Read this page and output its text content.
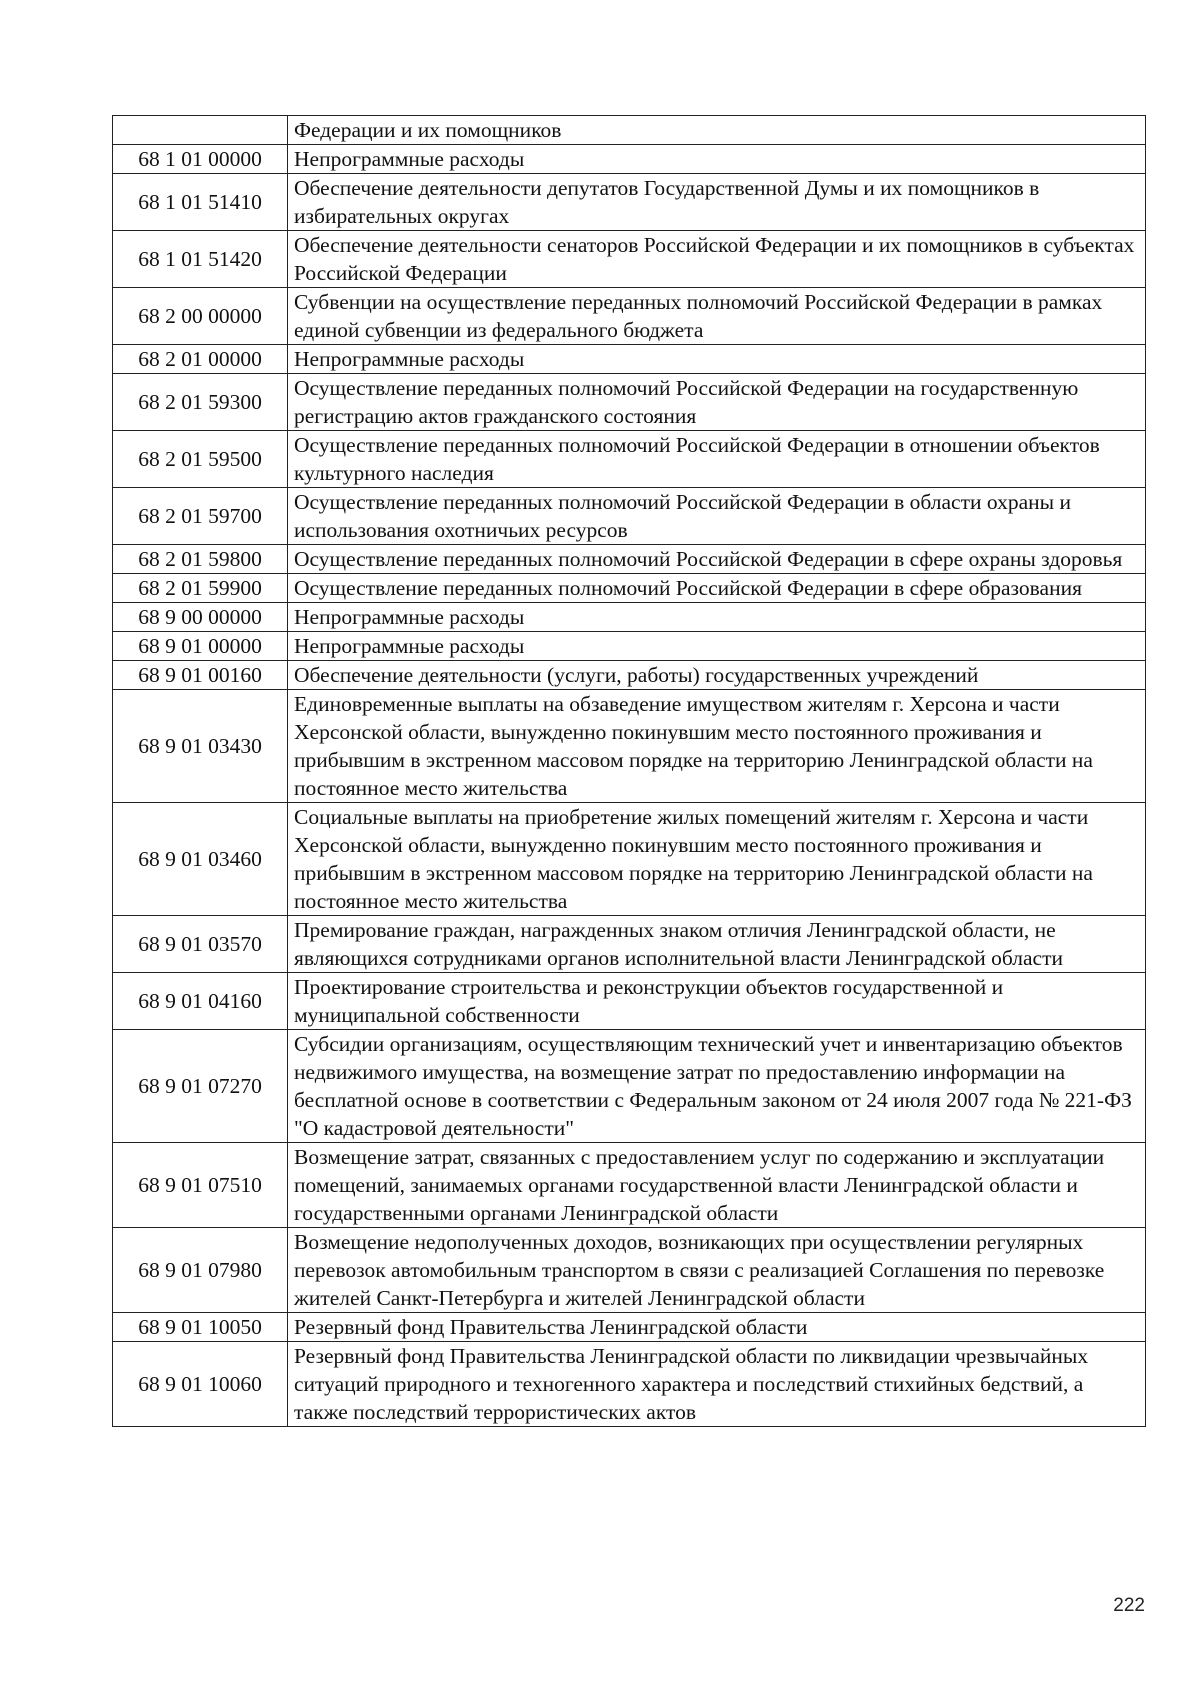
	Федерации и их помощников
68 1 01 00000	Непрограммные расходы
68 1 01 51410	Обеспечение деятельности депутатов Государственной Думы и их помощников в избирательных округах
68 1 01 51420	Обеспечение деятельности сенаторов Российской Федерации и их помощников в субъектах Российской Федерации
68 2 00 00000	Субвенции на осуществление переданных полномочий Российской Федерации в рамках единой субвенции из федерального бюджета
68 2 01 00000	Непрограммные расходы
68 2 01 59300	Осуществление переданных полномочий Российской Федерации на государственную регистрацию актов гражданского состояния
68 2 01 59500	Осуществление переданных полномочий Российской Федерации в отношении объектов культурного наследия
68 2 01 59700	Осуществление переданных полномочий Российской Федерации в области охраны и использования охотничьих ресурсов
68 2 01 59800	Осуществление переданных полномочий Российской Федерации в сфере охраны здоровья
68 2 01 59900	Осуществление переданных полномочий Российской Федерации в сфере образования
68 9 00 00000	Непрограммные расходы
68 9 01 00000	Непрограммные расходы
68 9 01 00160	Обеспечение деятельности (услуги, работы) государственных учреждений
68 9 01 03430	Единовременные выплаты на обзаведение имуществом жителям г. Херсона и части Херсонской области, вынужденно покинувшим место постоянного проживания и прибывшим в экстренном массовом порядке на территорию Ленинградской области на постоянное место жительства
68 9 01 03460	Социальные выплаты на приобретение жилых помещений жителям г. Херсона и части Херсонской области, вынужденно покинувшим место постоянного проживания и прибывшим в экстренном массовом порядке на территорию Ленинградской области на постоянное место жительства
68 9 01 03570	Премирование граждан, награжденных знаком отличия Ленинградской области, не являющихся сотрудниками органов исполнительной власти Ленинградской области
68 9 01 04160	Проектирование строительства и реконструкции объектов государственной и муниципальной собственности
68 9 01 07270	Субсидии организациям, осуществляющим технический учет и инвентаризацию объектов недвижимого имущества, на возмещение затрат по предоставлению информации на бесплатной основе в соответствии с Федеральным законом от 24 июля 2007 года № 221-ФЗ "О кадастровой деятельности"
68 9 01 07510	Возмещение затрат, связанных с предоставлением услуг по содержанию и эксплуатации помещений, занимаемых органами государственной власти Ленинградской области и государственными органами Ленинградской области
68 9 01 07980	Возмещение недополученных доходов, возникающих при осуществлении регулярных перевозок автомобильным транспортом в связи с реализацией Соглашения по перевозке жителей Санкт-Петербурга и жителей Ленинградской области
68 9 01 10050	Резервный фонд Правительства Ленинградской области
68 9 01 10060	Резервный фонд Правительства Ленинградской области по ликвидации чрезвычайных ситуаций природного и техногенного характера и последствий стихийных бедствий, а также последствий террористических актов
222
